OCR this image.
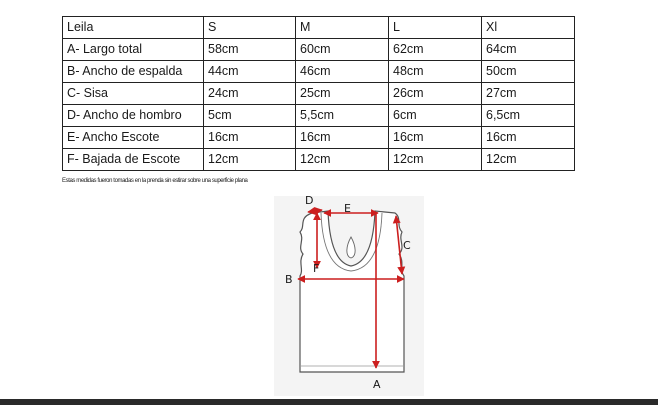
Leila	S	M	L	Xl
A- Largo total	58cm	60cm	62cm	64cm
B- Ancho de espalda	44cm	46cm	48cm	50cm
C- Sisa	24cm	25cm	26cm	27cm
D- Ancho de hombro	5cm	5,5cm	6cm	6,5cm
E- Ancho Escote	16cm	16cm	16cm	16cm
F- Bajada de Escote	12cm	12cm	12cm	12cm
Estas medidas fueron tomadas en la prenda sin estirar sobre una superficie plana
A
B
C
D
E
F
